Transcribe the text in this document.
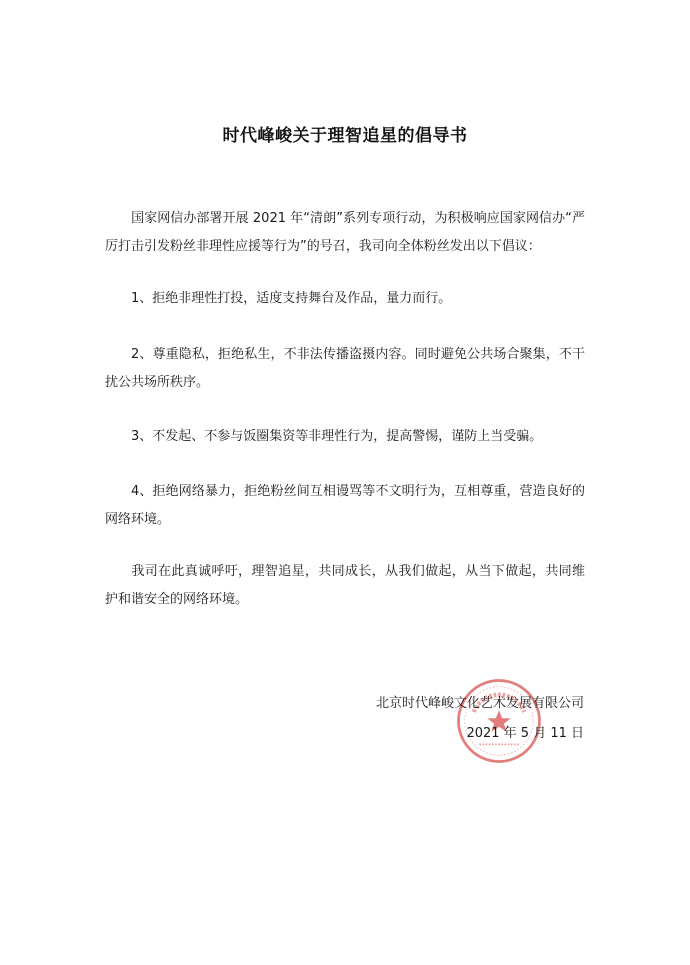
时代峰峻关于理智追星的倡导书

国家网信办部署开展 2021 年“清朗”系列专项行动，为积极响应国家网信办“严厉打击引发粉丝非理性应援等行为”的号召，我司向全体粉丝发出以下倡议：

1、拒绝非理性打投，适度支持舞台及作品，量力而行。

2、尊重隐私，拒绝私生，不非法传播盗摄内容。同时避免公共场合聚集，不干扰公共场所秩序。

3、不发起、不参与饭圈集资等非理性行为，提高警惕，谨防上当受骗。

4、拒绝网络暴力，拒绝粉丝间互相谩骂等不文明行为，互相尊重，营造良好的网络环境。

我司在此真诚呼吁，理智追星，共同成长，从我们做起，从当下做起，共同维护和谐安全的网络环境。

北京时代峰峻文化艺术发展有限公司
2021 年 5 月 11 日
